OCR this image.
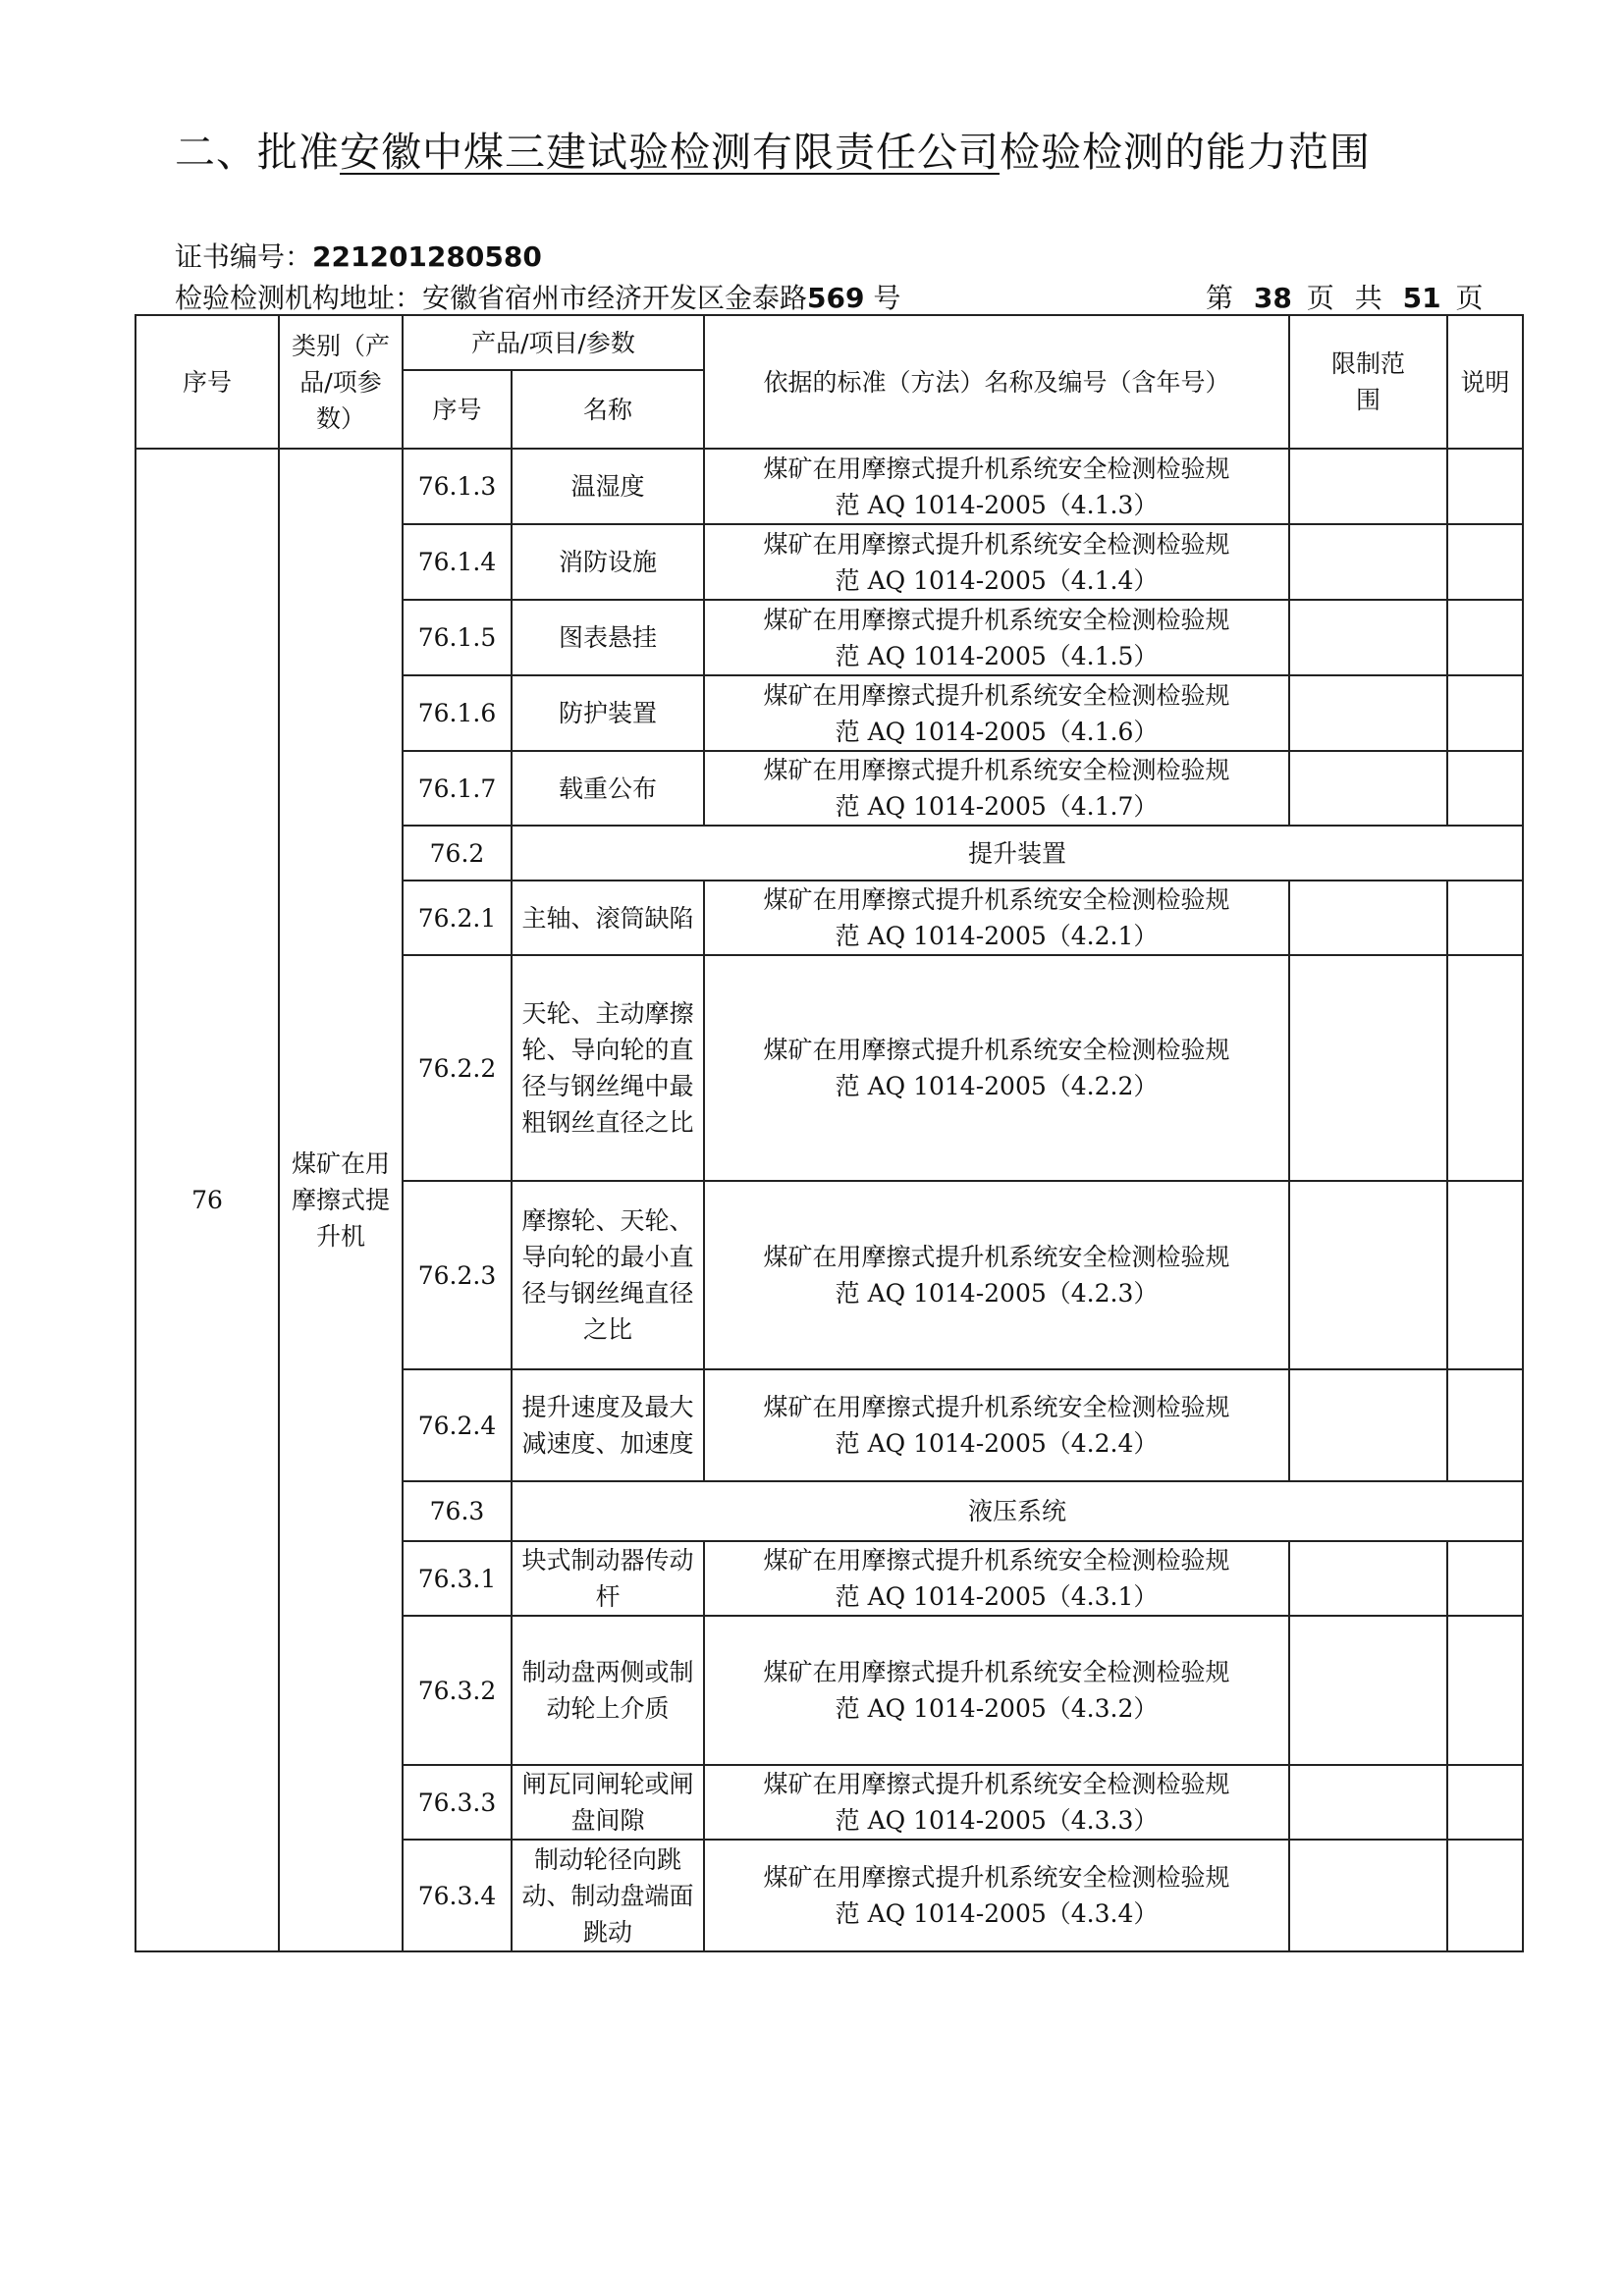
二、批准安徽中煤三建试验检测有限责任公司检验检测的能力范围
证书编号：221201280580
检验检测机构地址：安徽省宿州市经济开发区金泰路569 号	第 38 页 共 51 页
序号	类别（产品/项参数）	产品/项目/参数		依据的标准（方法）名称及编号（含年号）	限制范围	说明
		序号	名称			
76	煤矿在用摩擦式提升机	76.1.3	温湿度	煤矿在用摩擦式提升机系统安全检测检验规
范 AQ 1014-2005（4.1.3）		

		76.1.4	消防设施	煤矿在用摩擦式提升机系统安全检测检验规
范 AQ 1014-2005（4.1.4）		

		76.1.5	图表悬挂	煤矿在用摩擦式提升机系统安全检测检验规
范 AQ 1014-2005（4.1.5）		

		76.1.6	防护装置	煤矿在用摩擦式提升机系统安全检测检验规
范 AQ 1014-2005（4.1.6）		

		76.1.7	载重公布	煤矿在用摩擦式提升机系统安全检测检验规
范 AQ 1014-2005（4.1.7）		

		76.2	提升装置			
		76.2.1	主轴、滚筒缺陷	煤矿在用摩擦式提升机系统安全检测检验规
范 AQ 1014-2005（4.2.1）		

		76.2.2	天轮、主动摩擦轮、导向轮的直径与钢丝绳中最粗钢丝直径之比	煤矿在用摩擦式提升机系统安全检测检验规
范 AQ 1014-2005（4.2.2）		

		76.2.3	摩擦轮、天轮、导向轮的最小直径与钢丝绳直径之比	煤矿在用摩擦式提升机系统安全检测检验规
范 AQ 1014-2005（4.2.3）		

		76.2.4	提升速度及最大减速度、加速度	煤矿在用摩擦式提升机系统安全检测检验规
范 AQ 1014-2005（4.2.4）		

		76.3	液压系统			
		76.3.1	块式制动器传动杆	煤矿在用摩擦式提升机系统安全检测检验规
范 AQ 1014-2005（4.3.1）		

		76.3.2	制动盘两侧或制动轮上介质	煤矿在用摩擦式提升机系统安全检测检验规
范 AQ 1014-2005（4.3.2）		

		76.3.3	闸瓦同闸轮或闸盘间隙	煤矿在用摩擦式提升机系统安全检测检验规
范 AQ 1014-2005（4.3.3）		

		76.3.4	制动轮径向跳动、制动盘端面跳动	煤矿在用摩擦式提升机系统安全检测检验规
范 AQ 1014-2005（4.3.4）		
